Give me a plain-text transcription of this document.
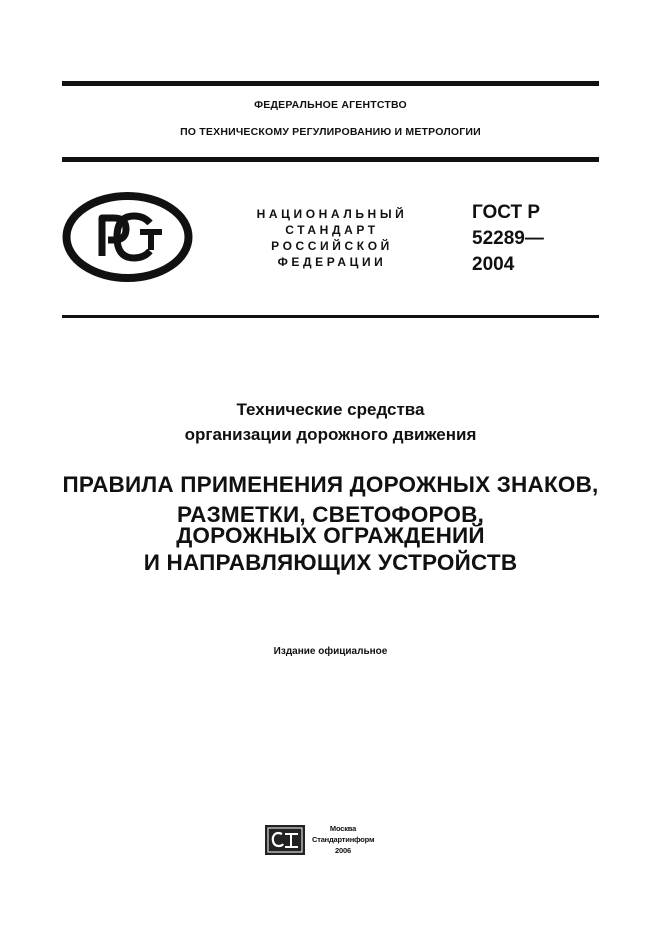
ФЕДЕРАЛЬНОЕ АГЕНТСТВО
ПО ТЕХНИЧЕСКОМУ РЕГУЛИРОВАНИЮ И МЕТРОЛОГИИ
НАЦИОНАЛЬНЫЙ
СТАНДАРТ
РОССИЙСКОЙ
ФЕДЕРАЦИИ
ГОСТ Р
52289—
2004
Технические средства
организации дорожного движения
ПРАВИЛА ПРИМЕНЕНИЯ ДОРОЖНЫХ ЗНАКОВ,
РАЗМЕТКИ, СВЕТОФОРОВ,
ДОРОЖНЫХ ОГРАЖДЕНИЙ
И НАПРАВЛЯЮЩИХ УСТРОЙСТВ
Издание официальное
Москва
Стандартинформ
2006
